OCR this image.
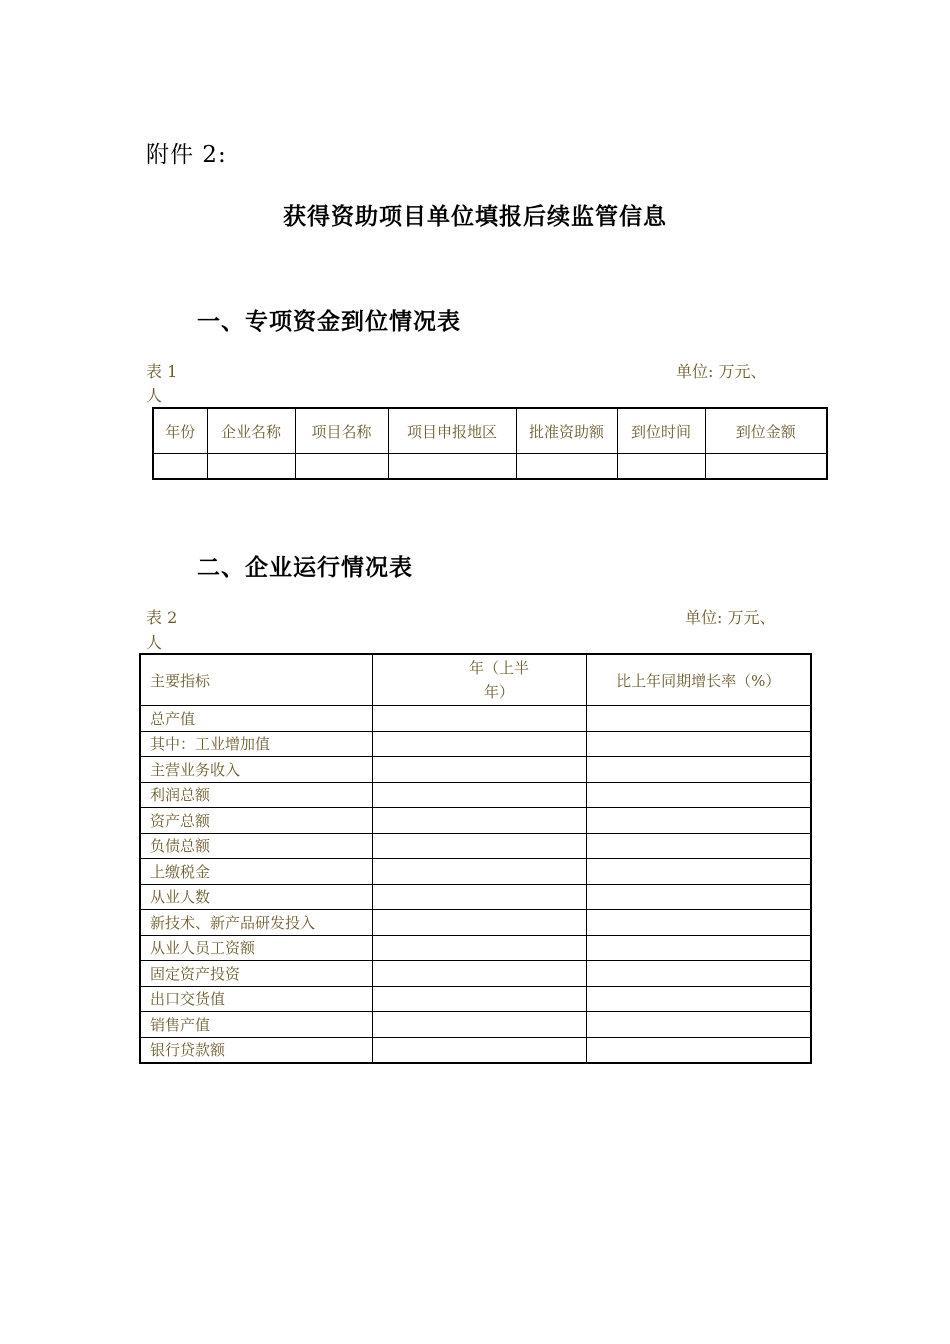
附件 2:
获得资助项目单位填报后续监管信息
一、专项资金到位情况表
表 1	单位: 万元、
人
年份	企业名称	项目名称	项目申报地区	批准资助额	到位时间	到位金额

二、企业运行情况表
表 2	单位: 万元、
人
主要指标	年（上半
年）	比上年同期增长率（%）
总产值		
其中：工业增加值		
主营业务收入		
利润总额		
资产总额		
负债总额		
上缴税金		
从业人数		
新技术、新产品研发投入		
从业人员工资额		
固定资产投资		
出口交货值		
销售产值		
银行贷款额		
